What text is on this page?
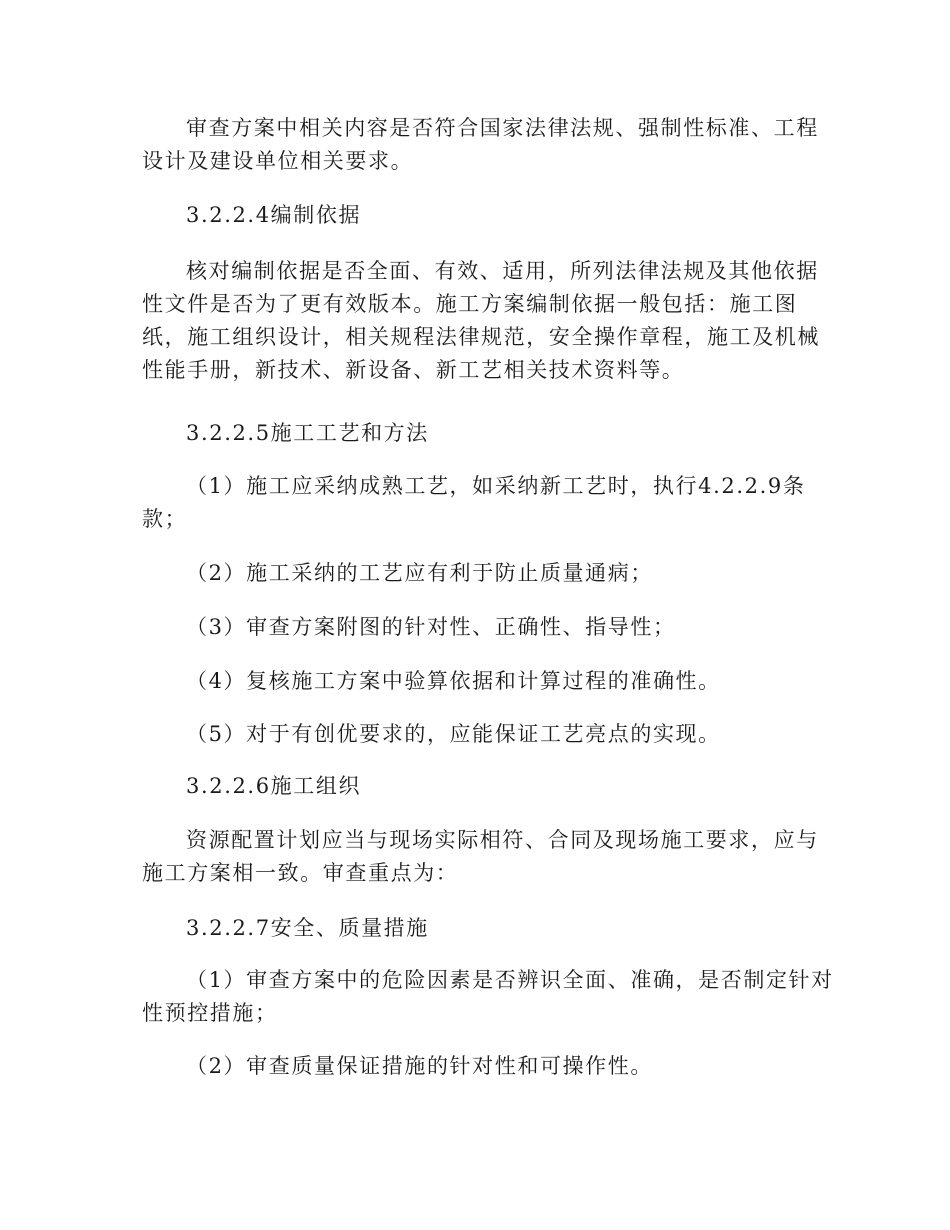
审查方案中相关内容是否符合国家法律法规、强制性标准、工程
设计及建设单位相关要求。
3.2.2.4编制依据
核对编制依据是否全面、有效、适用，所列法律法规及其他依据
性文件是否为了更有效版本。施工方案编制依据一般包括：施工图
纸，施工组织设计，相关规程法律规范，安全操作章程，施工及机械
性能手册，新技术、新设备、新工艺相关技术资料等。
3.2.2.5施工工艺和方法
（1）施工应采纳成熟工艺，如采纳新工艺时，执行4.2.2.9条
款；
（2）施工采纳的工艺应有利于防止质量通病；
（3）审查方案附图的针对性、正确性、指导性；
（4）复核施工方案中验算依据和计算过程的准确性。
（5）对于有创优要求的，应能保证工艺亮点的实现。
3.2.2.6施工组织
资源配置计划应当与现场实际相符、合同及现场施工要求，应与
施工方案相一致。审查重点为：
3.2.2.7安全、质量措施
（1）审查方案中的危险因素是否辨识全面、准确，是否制定针对
性预控措施；
（2）审查质量保证措施的针对性和可操作性。
